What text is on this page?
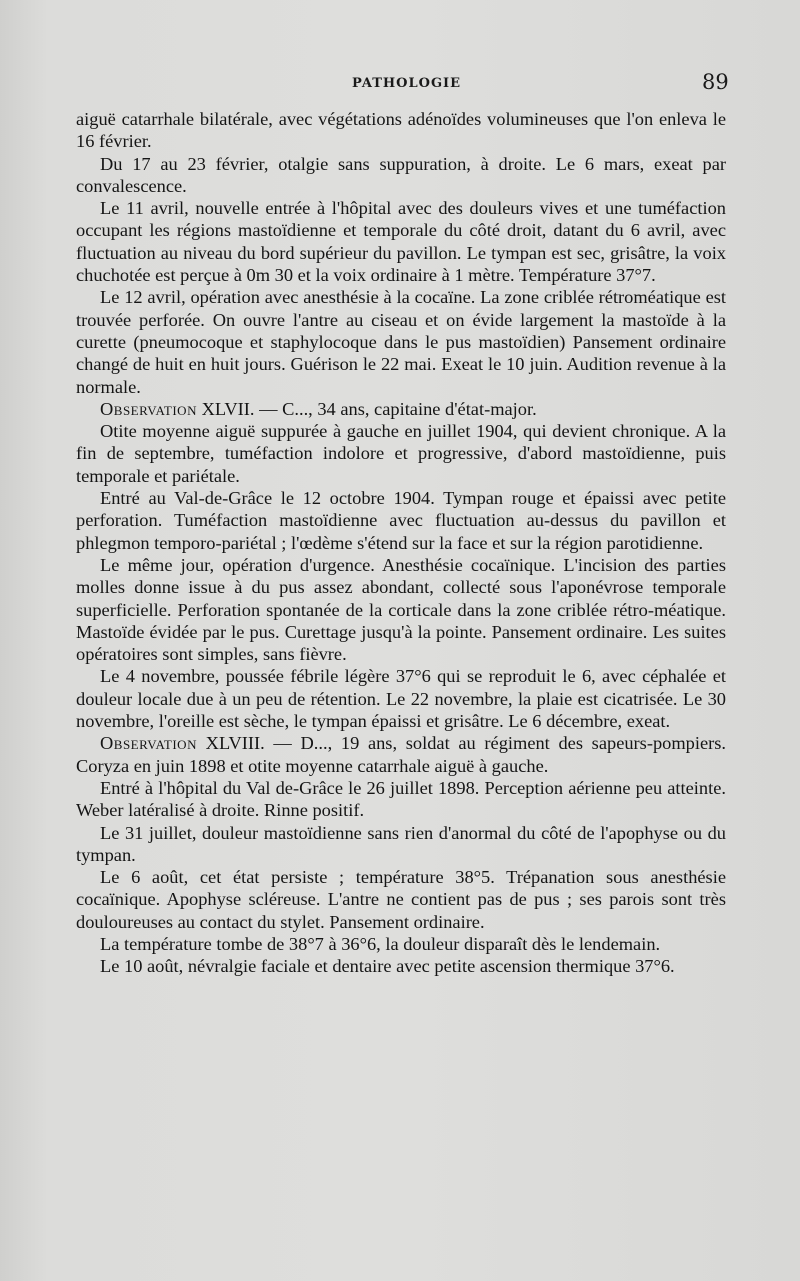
PATHOLOGIE	89

aiguë catarrhale bilatérale, avec végétations adénoïdes volumineuses que l'on enleva le 16 février.

Du 17 au 23 février, otalgie sans suppuration, à droite. Le 6 mars, exeat par convalescence.

Le 11 avril, nouvelle entrée à l'hôpital avec des douleurs vives et une tuméfaction occupant les régions mastoïdienne et temporale du côté droit, datant du 6 avril, avec fluctuation au niveau du bord supérieur du pavillon. Le tympan est sec, grisâtre, la voix chuchotée est perçue à 0m 30 et la voix ordinaire à 1 mètre. Température 37°7.

Le 12 avril, opération avec anesthésie à la cocaïne. La zone criblée rétroméatique est trouvée perforée. On ouvre l'antre au ciseau et on évide largement la mastoïde à la curette (pneumocoque et staphylocoque dans le pus mastoïdien) Pansement ordinaire changé de huit en huit jours. Guérison le 22 mai. Exeat le 10 juin. Audition revenue à la normale.

Observation XLVII. — C..., 34 ans, capitaine d'état-major.

Otite moyenne aiguë suppurée à gauche en juillet 1904, qui devient chronique. A la fin de septembre, tuméfaction indolore et progressive, d'abord mastoïdienne, puis temporale et pariétale.

Entré au Val-de-Grâce le 12 octobre 1904. Tympan rouge et épaissi avec petite perforation. Tuméfaction mastoïdienne avec fluctuation au-dessus du pavillon et phlegmon temporo-pariétal ; l'œdème s'étend sur la face et sur la région parotidienne.

Le même jour, opération d'urgence. Anesthésie cocaïnique. L'incision des parties molles donne issue à du pus assez abondant, collecté sous l'aponévrose temporale superficielle. Perforation spontanée de la corticale dans la zone criblée rétro-méatique. Mastoïde évidée par le pus. Curettage jusqu'à la pointe. Pansement ordinaire. Les suites opératoires sont simples, sans fièvre.

Le 4 novembre, poussée fébrile légère 37°6 qui se reproduit le 6, avec céphalée et douleur locale due à un peu de rétention. Le 22 novembre, la plaie est cicatrisée. Le 30 novembre, l'oreille est sèche, le tympan épaissi et grisâtre. Le 6 décembre, exeat.

Observation XLVIII. — D..., 19 ans, soldat au régiment des sapeurs-pompiers. Coryza en juin 1898 et otite moyenne catarrhale aiguë à gauche.

Entré à l'hôpital du Val de-Grâce le 26 juillet 1898. Perception aérienne peu atteinte. Weber latéralisé à droite. Rinne positif.

Le 31 juillet, douleur mastoïdienne sans rien d'anormal du côté de l'apophyse ou du tympan.

Le 6 août, cet état persiste ; température 38°5. Trépanation sous anesthésie cocaïnique. Apophyse scléreuse. L'antre ne contient pas de pus ; ses parois sont très douloureuses au contact du stylet. Pansement ordinaire.

La température tombe de 38°7 à 36°6, la douleur disparaît dès le lendemain.

Le 10 août, névralgie faciale et dentaire avec petite ascension thermique 37°6.
